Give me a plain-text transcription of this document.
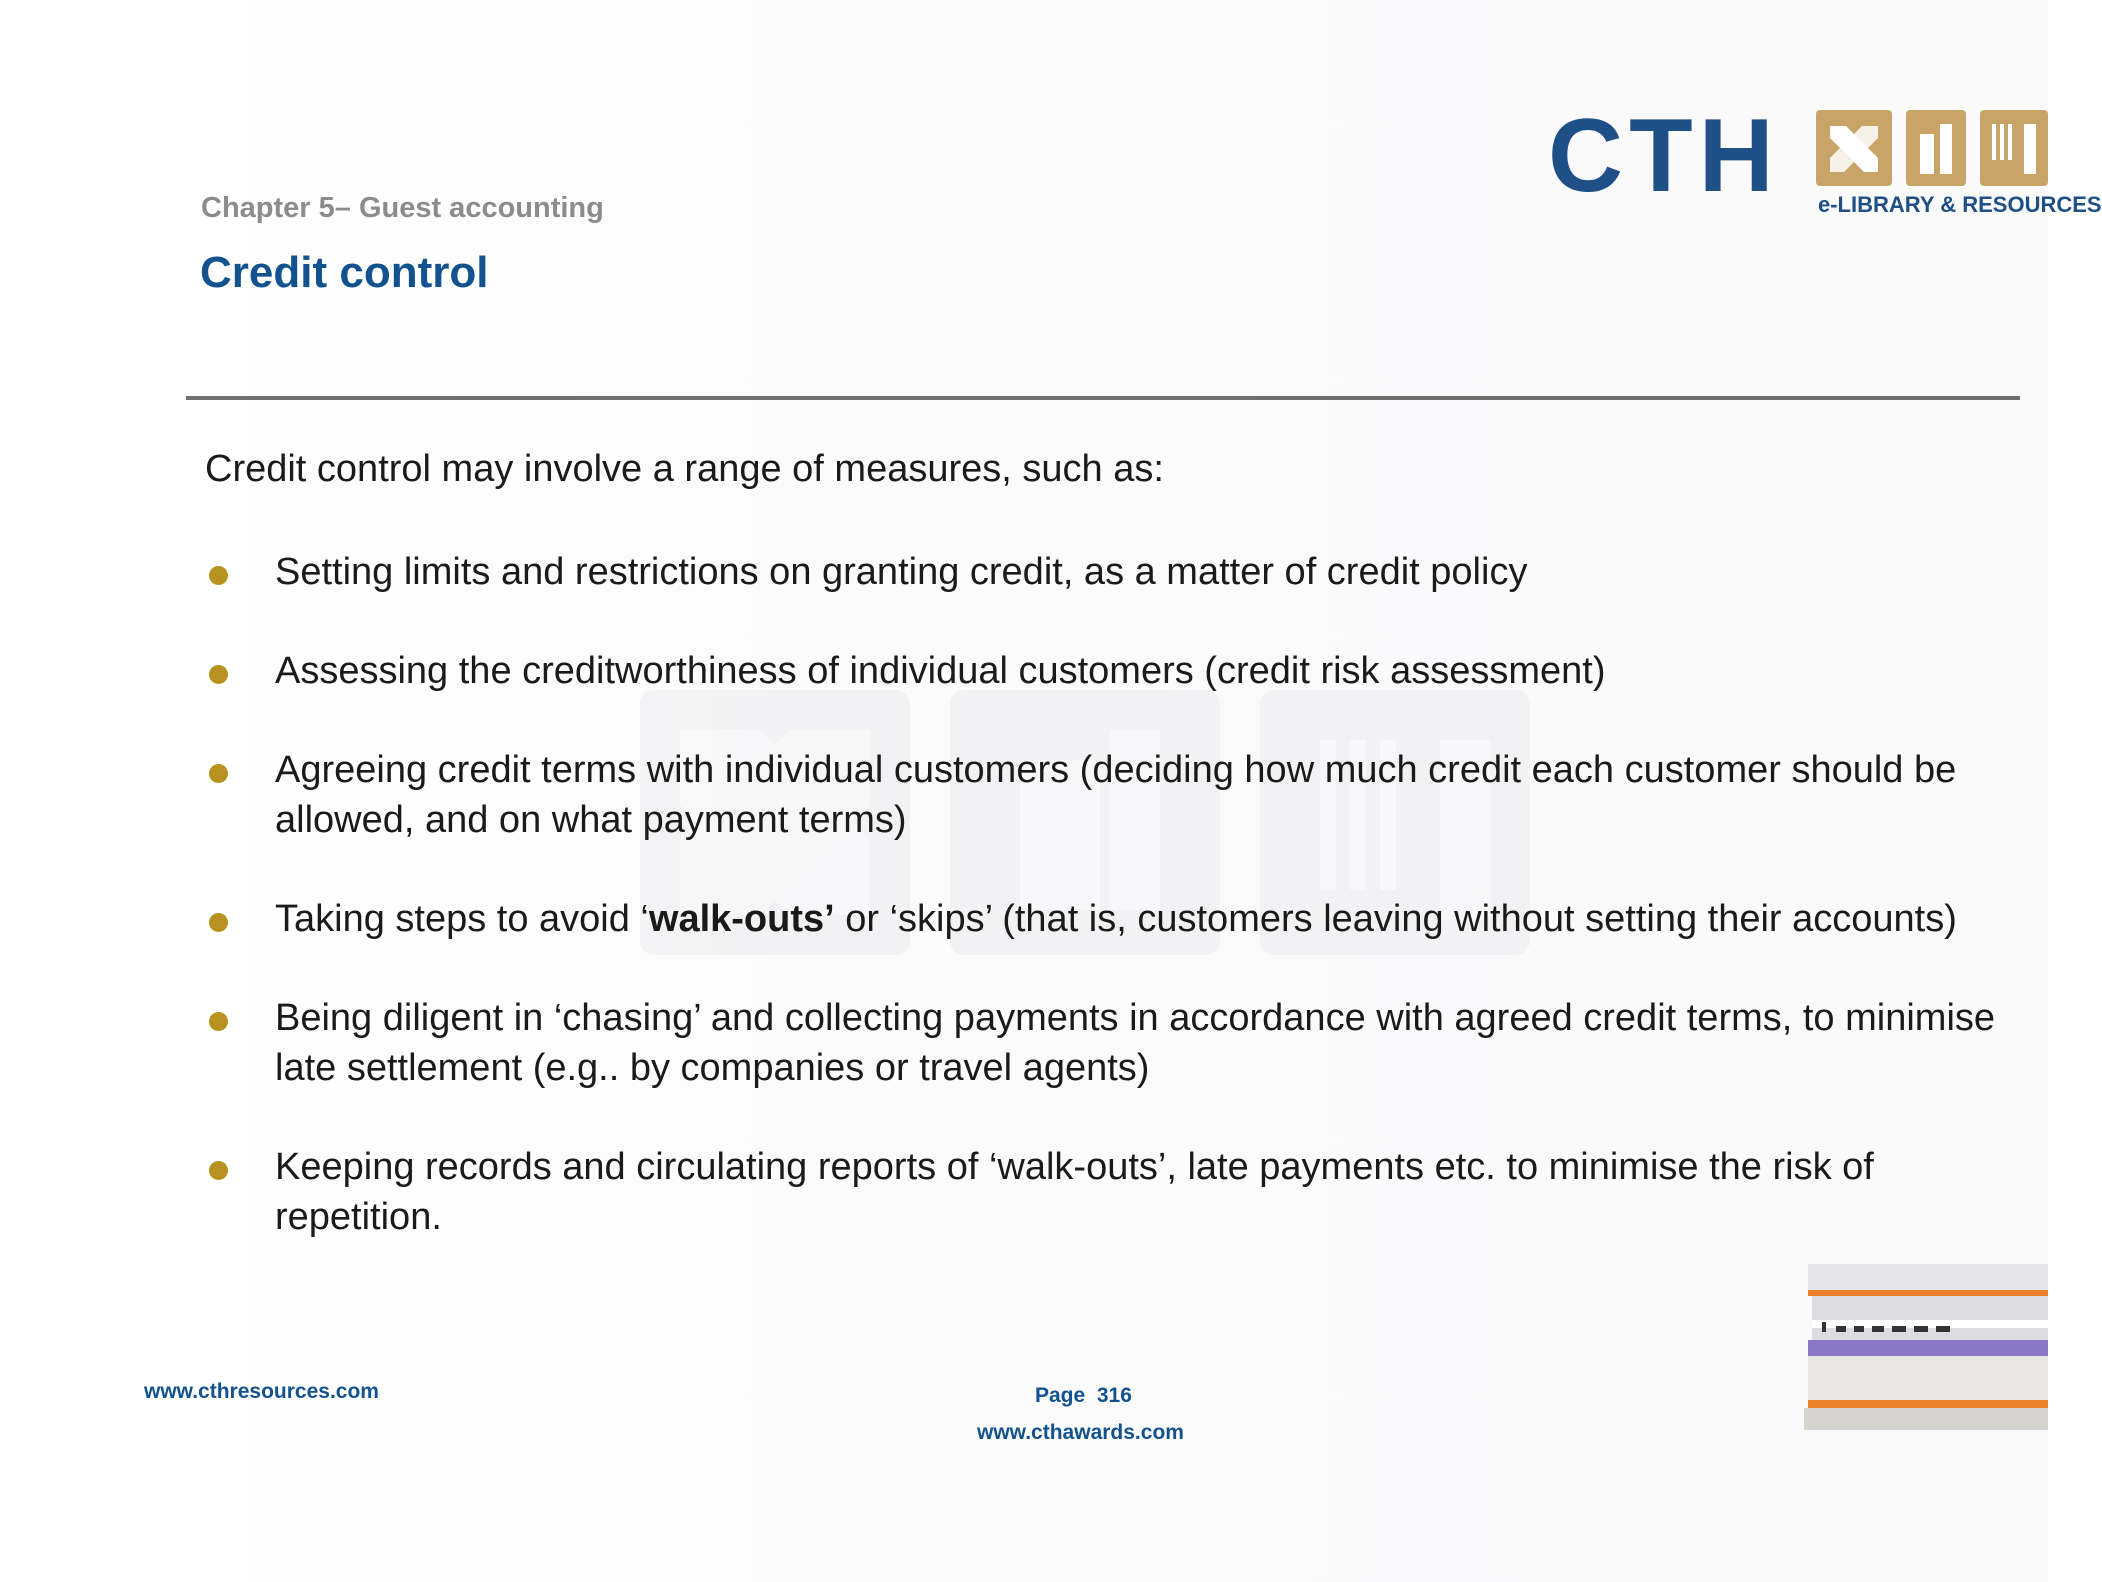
CTH e-LIBRARY & RESOURCES
Chapter 5– Guest accounting
Credit control
Credit control may involve a range of measures, such as:
Setting limits and restrictions on granting credit, as a matter of credit policy
Assessing the creditworthiness of individual customers (credit risk assessment)
Agreeing credit terms with individual customers (deciding how much credit each customer should be allowed, and on what payment terms)
Taking steps to avoid ‘walk-outs’ or ‘skips’ (that is, customers leaving without setting their accounts)
Being diligent in ‘chasing’ and collecting payments in accordance with agreed credit terms, to minimise late settlement (e.g.. by companies or travel agents)
Keeping records and circulating reports of ‘walk-outs’, late payments etc. to minimise the risk of repetition.
www.cthresources.com	Page 316
www.cthawards.com
